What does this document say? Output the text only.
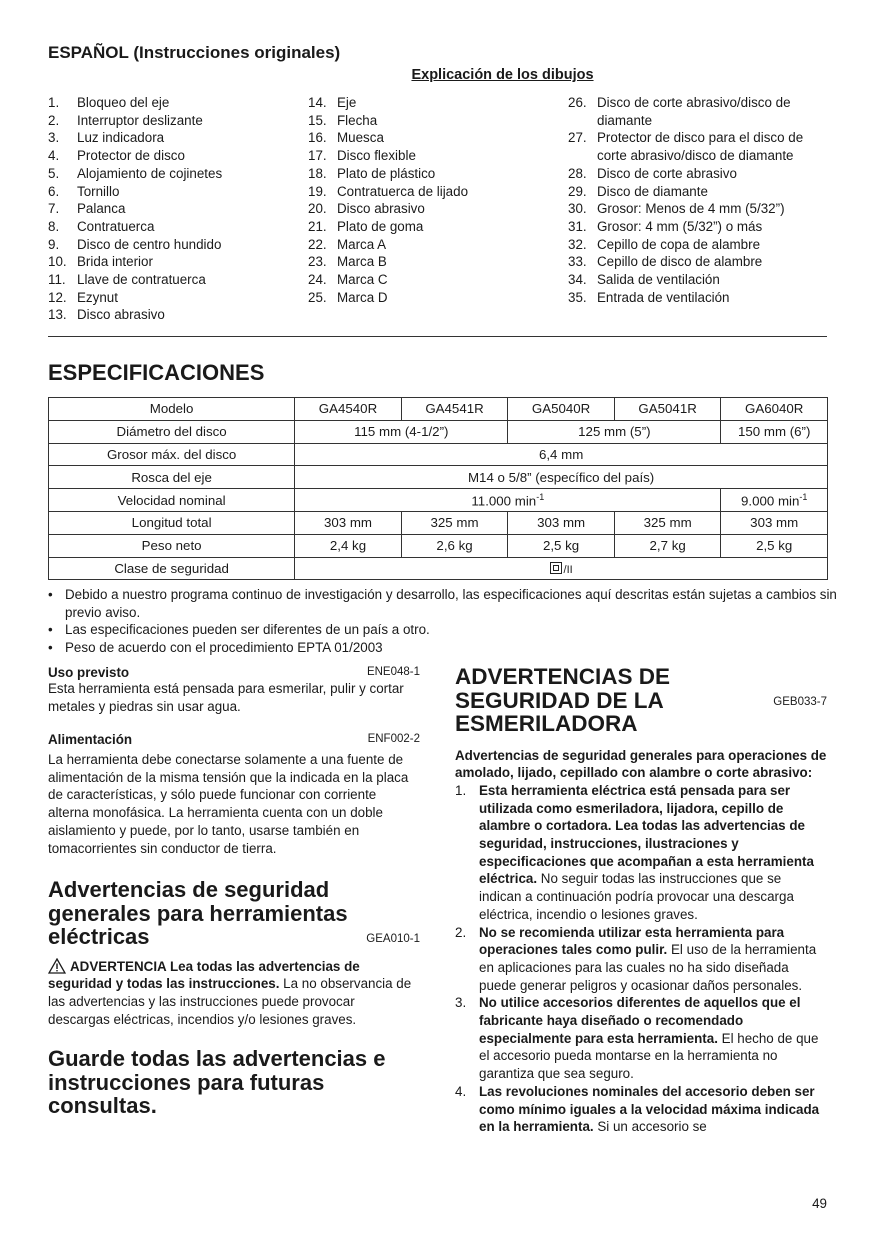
ESPAÑOL (Instrucciones originales)
Explicación de los dibujos
1.	Bloqueo del eje
2.	Interruptor deslizante
3.	Luz indicadora
4.	Protector de disco
5.	Alojamiento de cojinetes
6.	Tornillo
7.	Palanca
8.	Contratuerca
9.	Disco de centro hundido
10. Brida interior
11. Llave de contratuerca
12. Ezynut
13. Disco abrasivo
14. Eje
15. Flecha
16. Muesca
17. Disco flexible
18. Plato de plástico
19. Contratuerca de lijado
20. Disco abrasivo
21. Plato de goma
22. Marca A
23. Marca B
24. Marca C
25. Marca D
26. Disco de corte abrasivo/disco de diamante
27. Protector de disco para el disco de corte abrasivo/disco de diamante
28. Disco de corte abrasivo
29. Disco de diamante
30. Grosor: Menos de 4 mm (5/32”)
31. Grosor: 4 mm (5/32”) o más
32. Cepillo de copa de alambre
33. Cepillo de disco de alambre
34. Salida de ventilación
35. Entrada de ventilación
ESPECIFICACIONES
Modelo	GA4540R	GA4541R	GA5040R	GA5041R	GA6040R
Diámetro del disco	115 mm (4-1/2”)		125 mm (5”)		150 mm (6”)
Grosor máx. del disco	6,4 mm				
Rosca del eje	M14 o 5/8” (específico del país)				
Velocidad nominal	11.000 $\min^{-1}$				9.000 $\min^{-1}$
Longitud total	303 mm	325 mm	303 mm	325 mm	303 mm
Peso neto	2,4 kg	2,6 kg	2,5 kg	2,7 kg	2,5 kg
Clase de seguridad	/II				
• Debido a nuestro programa continuo de investigación y desarrollo, las especificaciones aquí descritas están sujetas a cambios sin previo aviso.
• Las especificaciones pueden ser diferentes de un país a otro.
• Peso de acuerdo con el procedimiento EPTA 01/2003
Uso previsto	ENE048-1
Esta herramienta está pensada para esmerilar, pulir y cortar metales y piedras sin usar agua.
Alimentación	ENF002-2
La herramienta debe conectarse solamente a una fuente de alimentación de la misma tensión que la indicada en la placa de características, y sólo puede funcionar con corriente alterna monofásica. La herramienta cuenta con un doble aislamiento y puede, por lo tanto, usarse también en tomacorrientes sin conductor de tierra.
Advertencias de seguridad generales para herramientas eléctricas	GEA010-1
ADVERTENCIA Lea todas las advertencias de seguridad y todas las instrucciones. La no observancia de las advertencias y las instrucciones puede provocar descargas eléctricas, incendios y/o lesiones graves.
Guarde todas las advertencias e instrucciones para futuras consultas.
ADVERTENCIAS DE SEGURIDAD DE LA ESMERILADORA
GEB033-7
Advertencias de seguridad generales para operaciones de amolado, lijado, cepillado con alambre o corte abrasivo:
1. Esta herramienta eléctrica está pensada para ser utilizada como esmeriladora, lijadora, cepillo de alambre o cortadora. Lea todas las advertencias de seguridad, instrucciones, ilustraciones y especificaciones que acompañan a esta herramienta eléctrica. No seguir todas las instrucciones que se indican a continuación podría provocar una descarga eléctrica, incendio o lesiones graves.
2. No se recomienda utilizar esta herramienta para operaciones tales como pulir. El uso de la herramienta en aplicaciones para las cuales no ha sido diseñada puede generar peligros y ocasionar daños personales.
3. No utilice accesorios diferentes de aquellos que el fabricante haya diseñado o recomendado especialmente para esta herramienta. El hecho de que el accesorio pueda montarse en la herramienta no garantiza que sea seguro.
4. Las revoluciones nominales del accesorio deben ser como mínimo iguales a la velocidad máxima indicada en la herramienta. Si un accesorio se
49
